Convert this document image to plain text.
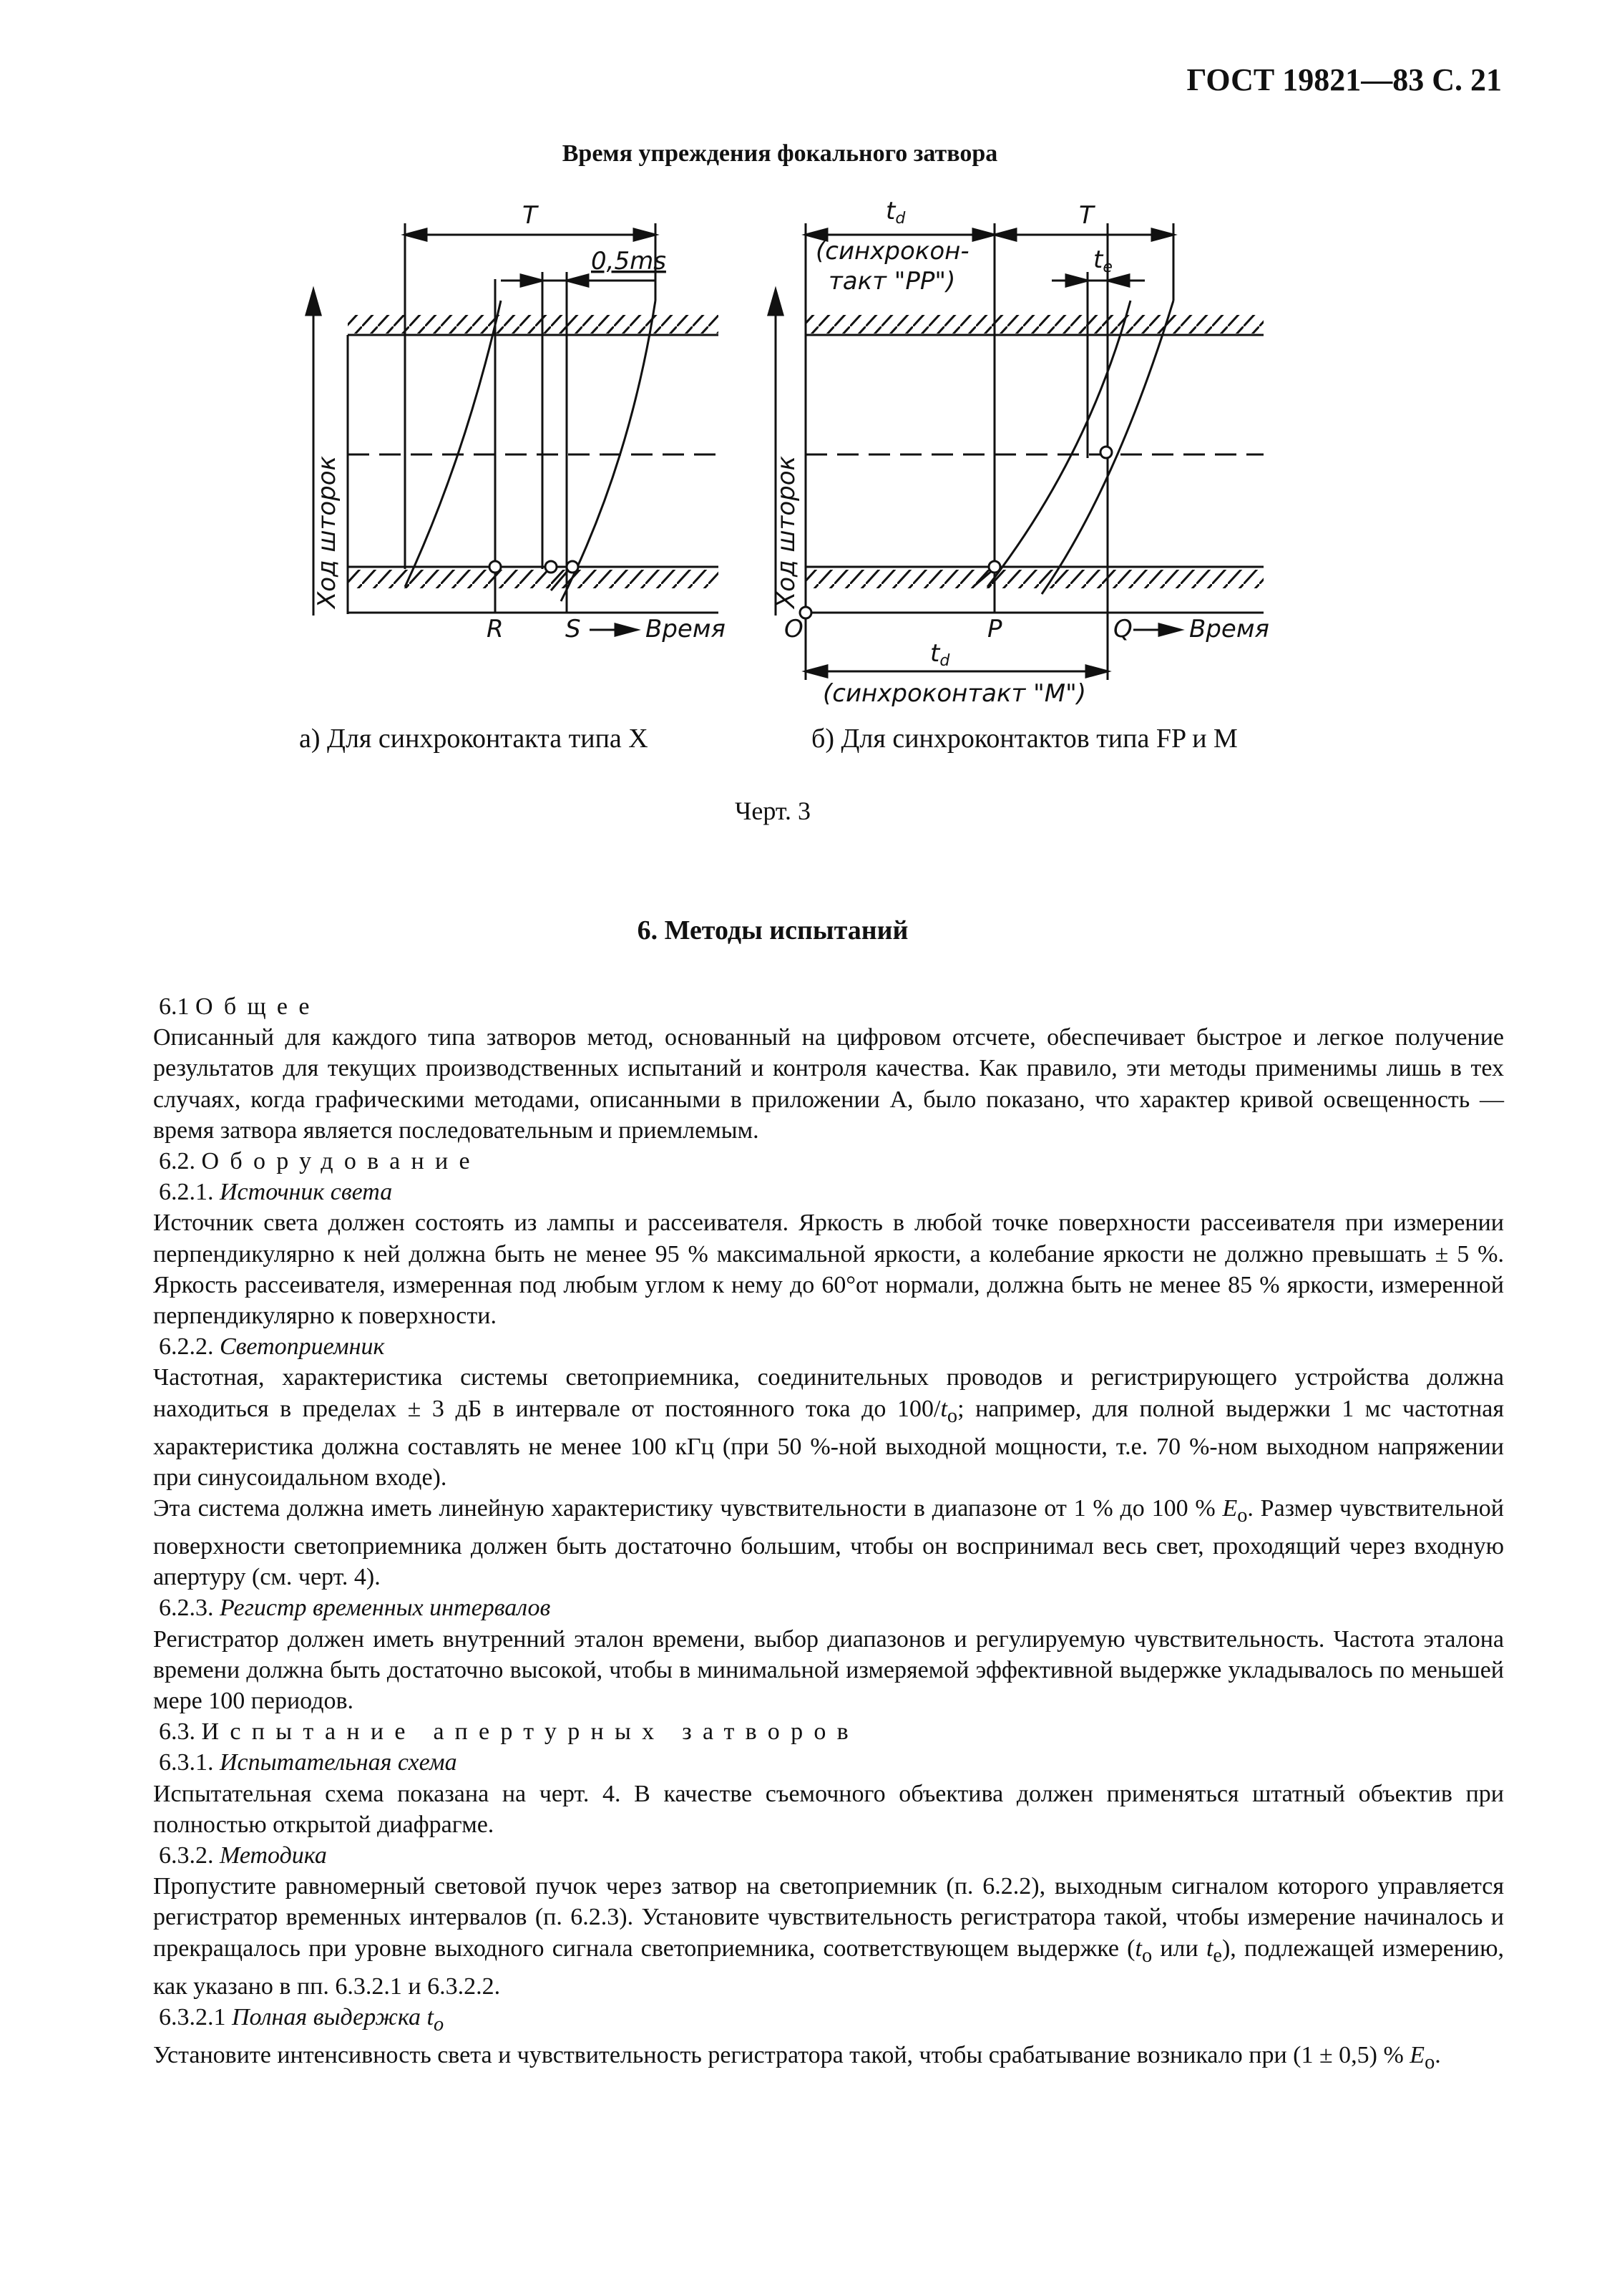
ГОСТ 19821—83 С. 21
Время упреждения фокального затвора
T
0,5ms
Ход шторок
R	S	Время
td	T
te
(синхрокон-
такт "PP")
Ход шторок
O	P	Q Время
td
(синхроконтакт "M")
а) Для синхроконтакта типа X	б) Для синхроконтактов типа FP и M
Черт. 3
6. Методы испытаний

6.1 Общее

Описанный для каждого типа затворов метод, основанный на цифровом отсчете, обеспечивает быстрое и легкое получение результатов для текущих производственных испытаний и контроля качества. Как правило, эти методы применимы лишь в тех случаях, когда графическими методами, описанными в приложении А, было показано, что характер кривой освещенность — время затвора является последовательным и приемлемым.

6.2. Оборудование

6.2.1. Источник света

Источник света должен состоять из лампы и рассеивателя. Яркость в любой точке поверхности рассеивателя при измерении перпендикулярно к ней должна быть не менее 95 % максимальной яркости, а колебание яркости не должно превышать ± 5 %. Яркость рассеивателя, измеренная под любым углом к нему до 60°от нормали, должна быть не менее 85 % яркости, измеренной перпендикулярно к поверхности.

6.2.2. Светоприемник

Частотная, характеристика системы светоприемника, соединительных проводов и регистрирующего устройства должна находиться в пределах ± 3 дБ в интервале от постоянного тока до $100/t_o$; например, для полной выдержки 1 мс частотная характеристика должна составлять не менее 100 кГц (при 50 %-ной выходной мощности, т.е. 70 %-ном выходном напряжении при синусоидальном входе).

Эта система должна иметь линейную характеристику чувствительности в диапазоне от 1 % до 100 % $E_o$. Размер чувствительной поверхности светоприемника должен быть достаточно большим, чтобы он воспринимал весь свет, проходящий через входную апертуру (см. черт. 4).

6.2.3. Регистр временных интервалов

Регистратор должен иметь внутренний эталон времени, выбор диапазонов и регулируемую чувствительность. Частота эталона времени должна быть достаточно высокой, чтобы в минимальной измеряемой эффективной выдержке укладывалось по меньшей мере 100 периодов.

6.3. Испытание апертурных затворов

6.3.1. Испытательная схема

Испытательная схема показана на черт. 4. В качестве съемочного объектива должен применяться штатный объектив при полностью открытой диафрагме.

6.3.2. Методика

Пропустите равномерный световой пучок через затвор на светоприемник (п. 6.2.2), выходным сигналом которого управляется регистратор временных интервалов (п. 6.2.3). Установите чувствительность регистратора такой, чтобы измерение начиналось и прекращалось при уровне выходного сигнала светоприемника, соответствующем выдержке ($t_o$ или $t_e$), подлежащей измерению, как указано в пп. 6.3.2.1 и 6.3.2.2.

6.3.2.1 Полная выдержка $t_o$

Установите интенсивность света и чувствительность регистратора такой, чтобы срабатывание возникало при (1 ± 0,5) % $E_o$.
